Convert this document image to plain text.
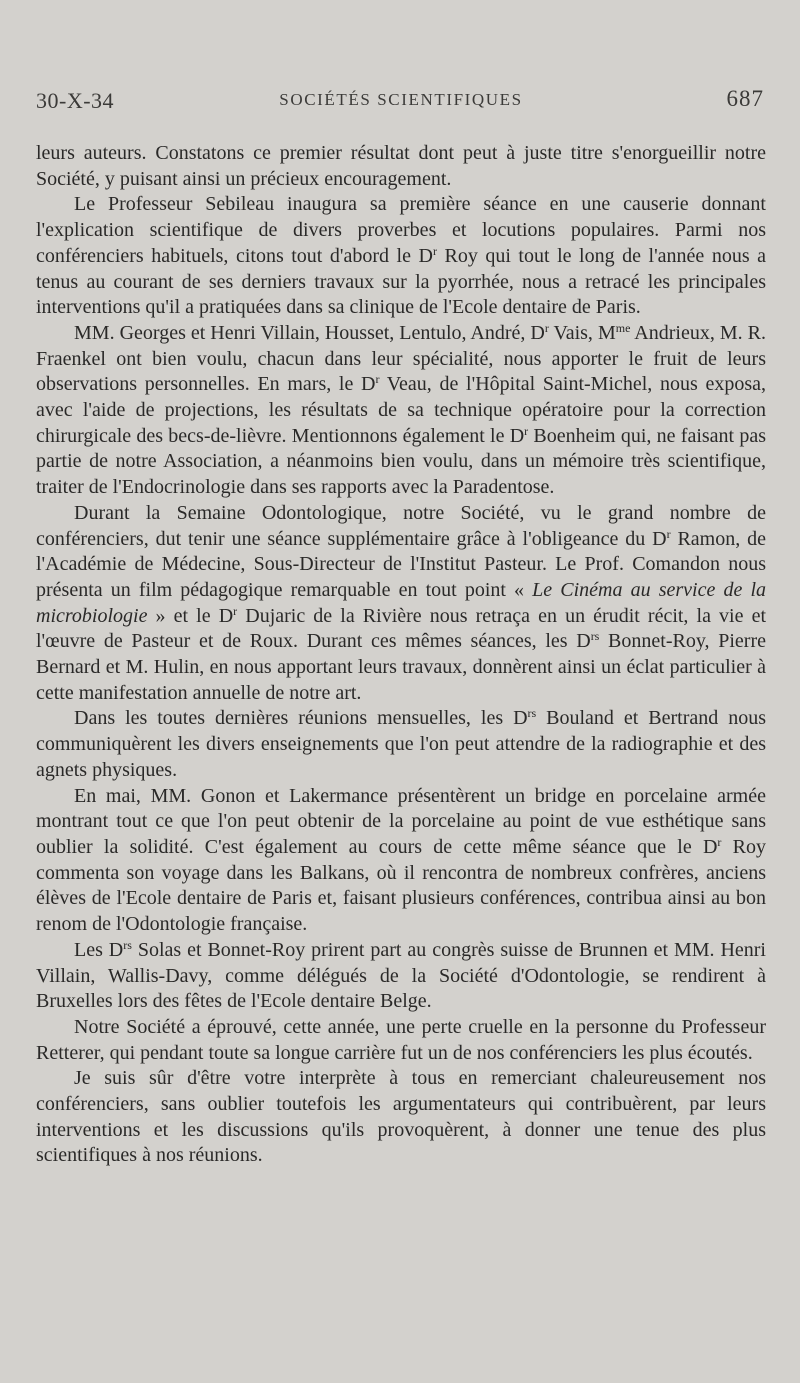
30-X-34	SOCIÉTÉS SCIENTIFIQUES	687

leurs auteurs. Constatons ce premier résultat dont peut à juste titre s'enorgueillir notre Société, y puisant ainsi un précieux encouragement.

Le Professeur Sebileau inaugura sa première séance en une causerie donnant l'explication scientifique de divers proverbes et locutions populaires. Parmi nos conférenciers habituels, citons tout d'abord le $D^r$ Roy qui tout le long de l'année nous a tenus au courant de ses derniers travaux sur la pyorrhée, nous a retracé les principales interventions qu'il a pratiquées dans sa clinique de l'Ecole dentaire de Paris.

MM. Georges et Henri Villain, Housset, Lentulo, André, $D^r$ Vais, $M^{me}$ Andrieux, M. R. Fraenkel ont bien voulu, chacun dans leur spécialité, nous apporter le fruit de leurs observations personnelles. En mars, le $D^r$ Veau, de l'Hôpital Saint-Michel, nous exposa, avec l'aide de projections, les résultats de sa technique opératoire pour la correction chirurgicale des becs-de-lièvre. Mentionnons également le $D^r$ Boenheim qui, ne faisant pas partie de notre Association, a néanmoins bien voulu, dans un mémoire très scientifique, traiter de l'Endocrinologie dans ses rapports avec la Paradentose.

Durant la Semaine Odontologique, notre Société, vu le grand nombre de conférenciers, dut tenir une séance supplémentaire grâce à l'obligeance du $D^r$ Ramon, de l'Académie de Médecine, Sous-Directeur de l'Institut Pasteur. Le Prof. Comandon nous présenta un film pédagogique remarquable en tout point « Le Cinéma au service de la microbiologie » et le $D^r$ Dujaric de la Rivière nous retraça en un érudit récit, la vie et l'œuvre de Pasteur et de Roux. Durant ces mêmes séances, les $D^{rs}$ Bonnet-Roy, Pierre Bernard et M. Hulin, en nous apportant leurs travaux, donnèrent ainsi un éclat particulier à cette manifestation annuelle de notre art.

Dans les toutes dernières réunions mensuelles, les $D^{rs}$ Bouland et Bertrand nous communiquèrent les divers enseignements que l'on peut attendre de la radiographie et des agnets physiques.

En mai, MM. Gonon et Lakermance présentèrent un bridge en porcelaine armée montrant tout ce que l'on peut obtenir de la porcelaine au point de vue esthétique sans oublier la solidité. C'est également au cours de cette même séance que le $D^r$ Roy commenta son voyage dans les Balkans, où il rencontra de nombreux confrères, anciens élèves de l'Ecole dentaire de Paris et, faisant plusieurs conférences, contribua ainsi au bon renom de l'Odontologie française.

Les $D^{rs}$ Solas et Bonnet-Roy prirent part au congrès suisse de Brunnen et MM. Henri Villain, Wallis-Davy, comme délégués de la Société d'Odontologie, se rendirent à Bruxelles lors des fêtes de l'Ecole dentaire Belge.

Notre Société a éprouvé, cette année, une perte cruelle en la personne du Professeur Retterer, qui pendant toute sa longue carrière fut un de nos conférenciers les plus écoutés.

Je suis sûr d'être votre interprète à tous en remerciant chaleureusement nos conférenciers, sans oublier toutefois les argumentateurs qui contribuèrent, par leurs interventions et les discussions qu'ils provoquèrent, à donner une tenue des plus scientifiques à nos réunions.
